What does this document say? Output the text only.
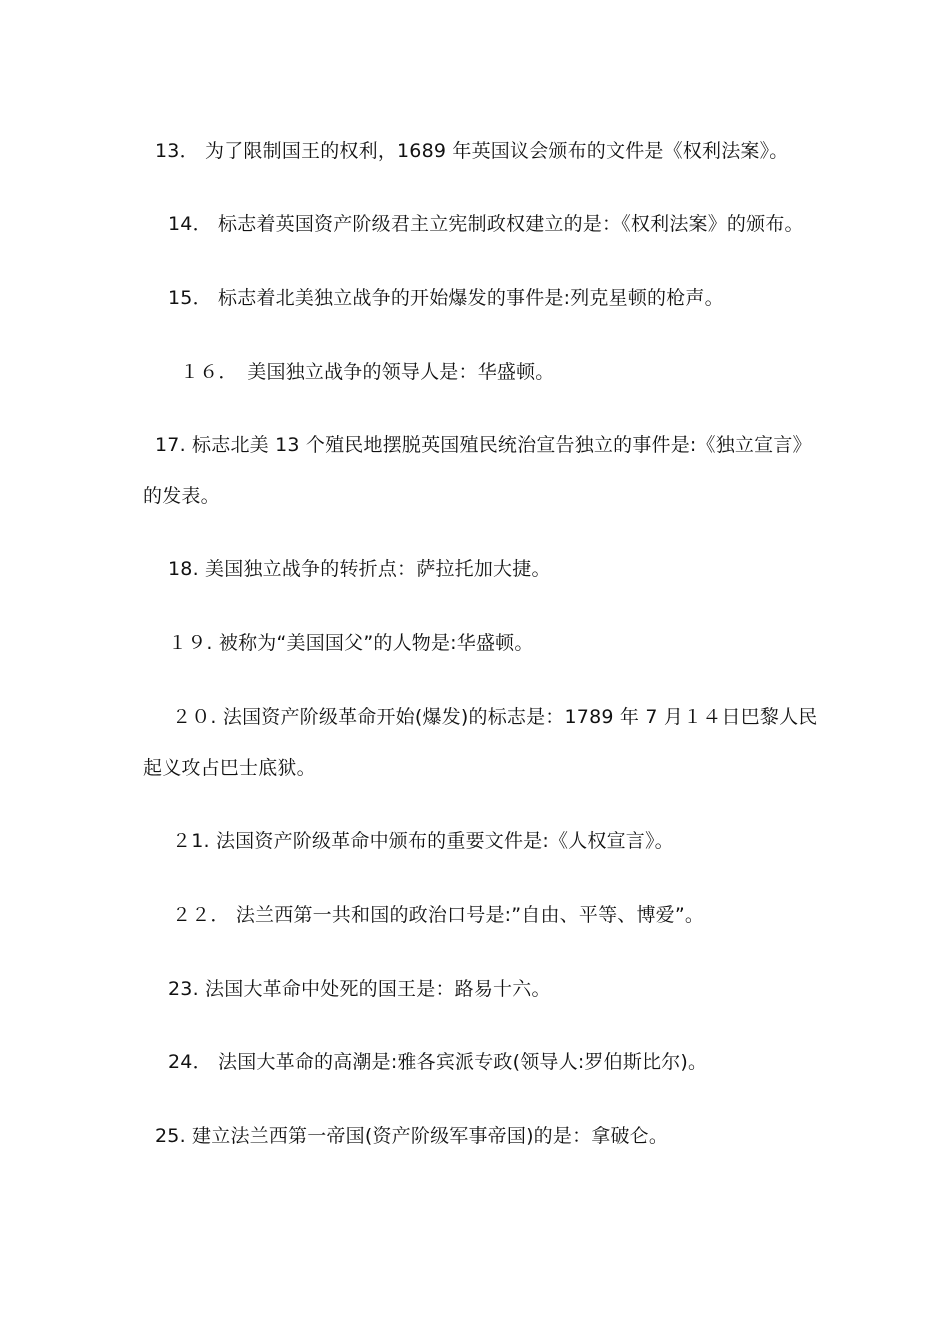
13． 为了限制国王的权利，1689 年英国议会颁布的文件是《权利法案》。
14． 标志着英国资产阶级君主立宪制政权建立的是：《权利法案》的颁布。
15． 标志着北美独立战争的开始爆发的事件是:列克星顿的枪声。
１６．　美国独立战争的领导人是：华盛顿。
17. 标志北美 13 个殖民地摆脱英国殖民统治宣告独立的事件是:《独立宣言》
的发表。
18. 美国独立战争的转折点：萨拉托加大捷。
１９. 被称为“美国国父”的人物是:华盛顿。
２０. 法国资产阶级革命开始(爆发)的标志是：1789 年 7 月１４日巴黎人民
起义攻占巴士底狱。
２1. 法国资产阶级革命中颁布的重要文件是:《人权宣言》。
２２． 法兰西第一共和国的政治口号是:”自由、平等、博爱”。
23. 法国大革命中处死的国王是：路易十六。
24． 法国大革命的高潮是:雅各宾派专政(领导人:罗伯斯比尔)。
25. 建立法兰西第一帝国(资产阶级军事帝国)的是：拿破仑。
